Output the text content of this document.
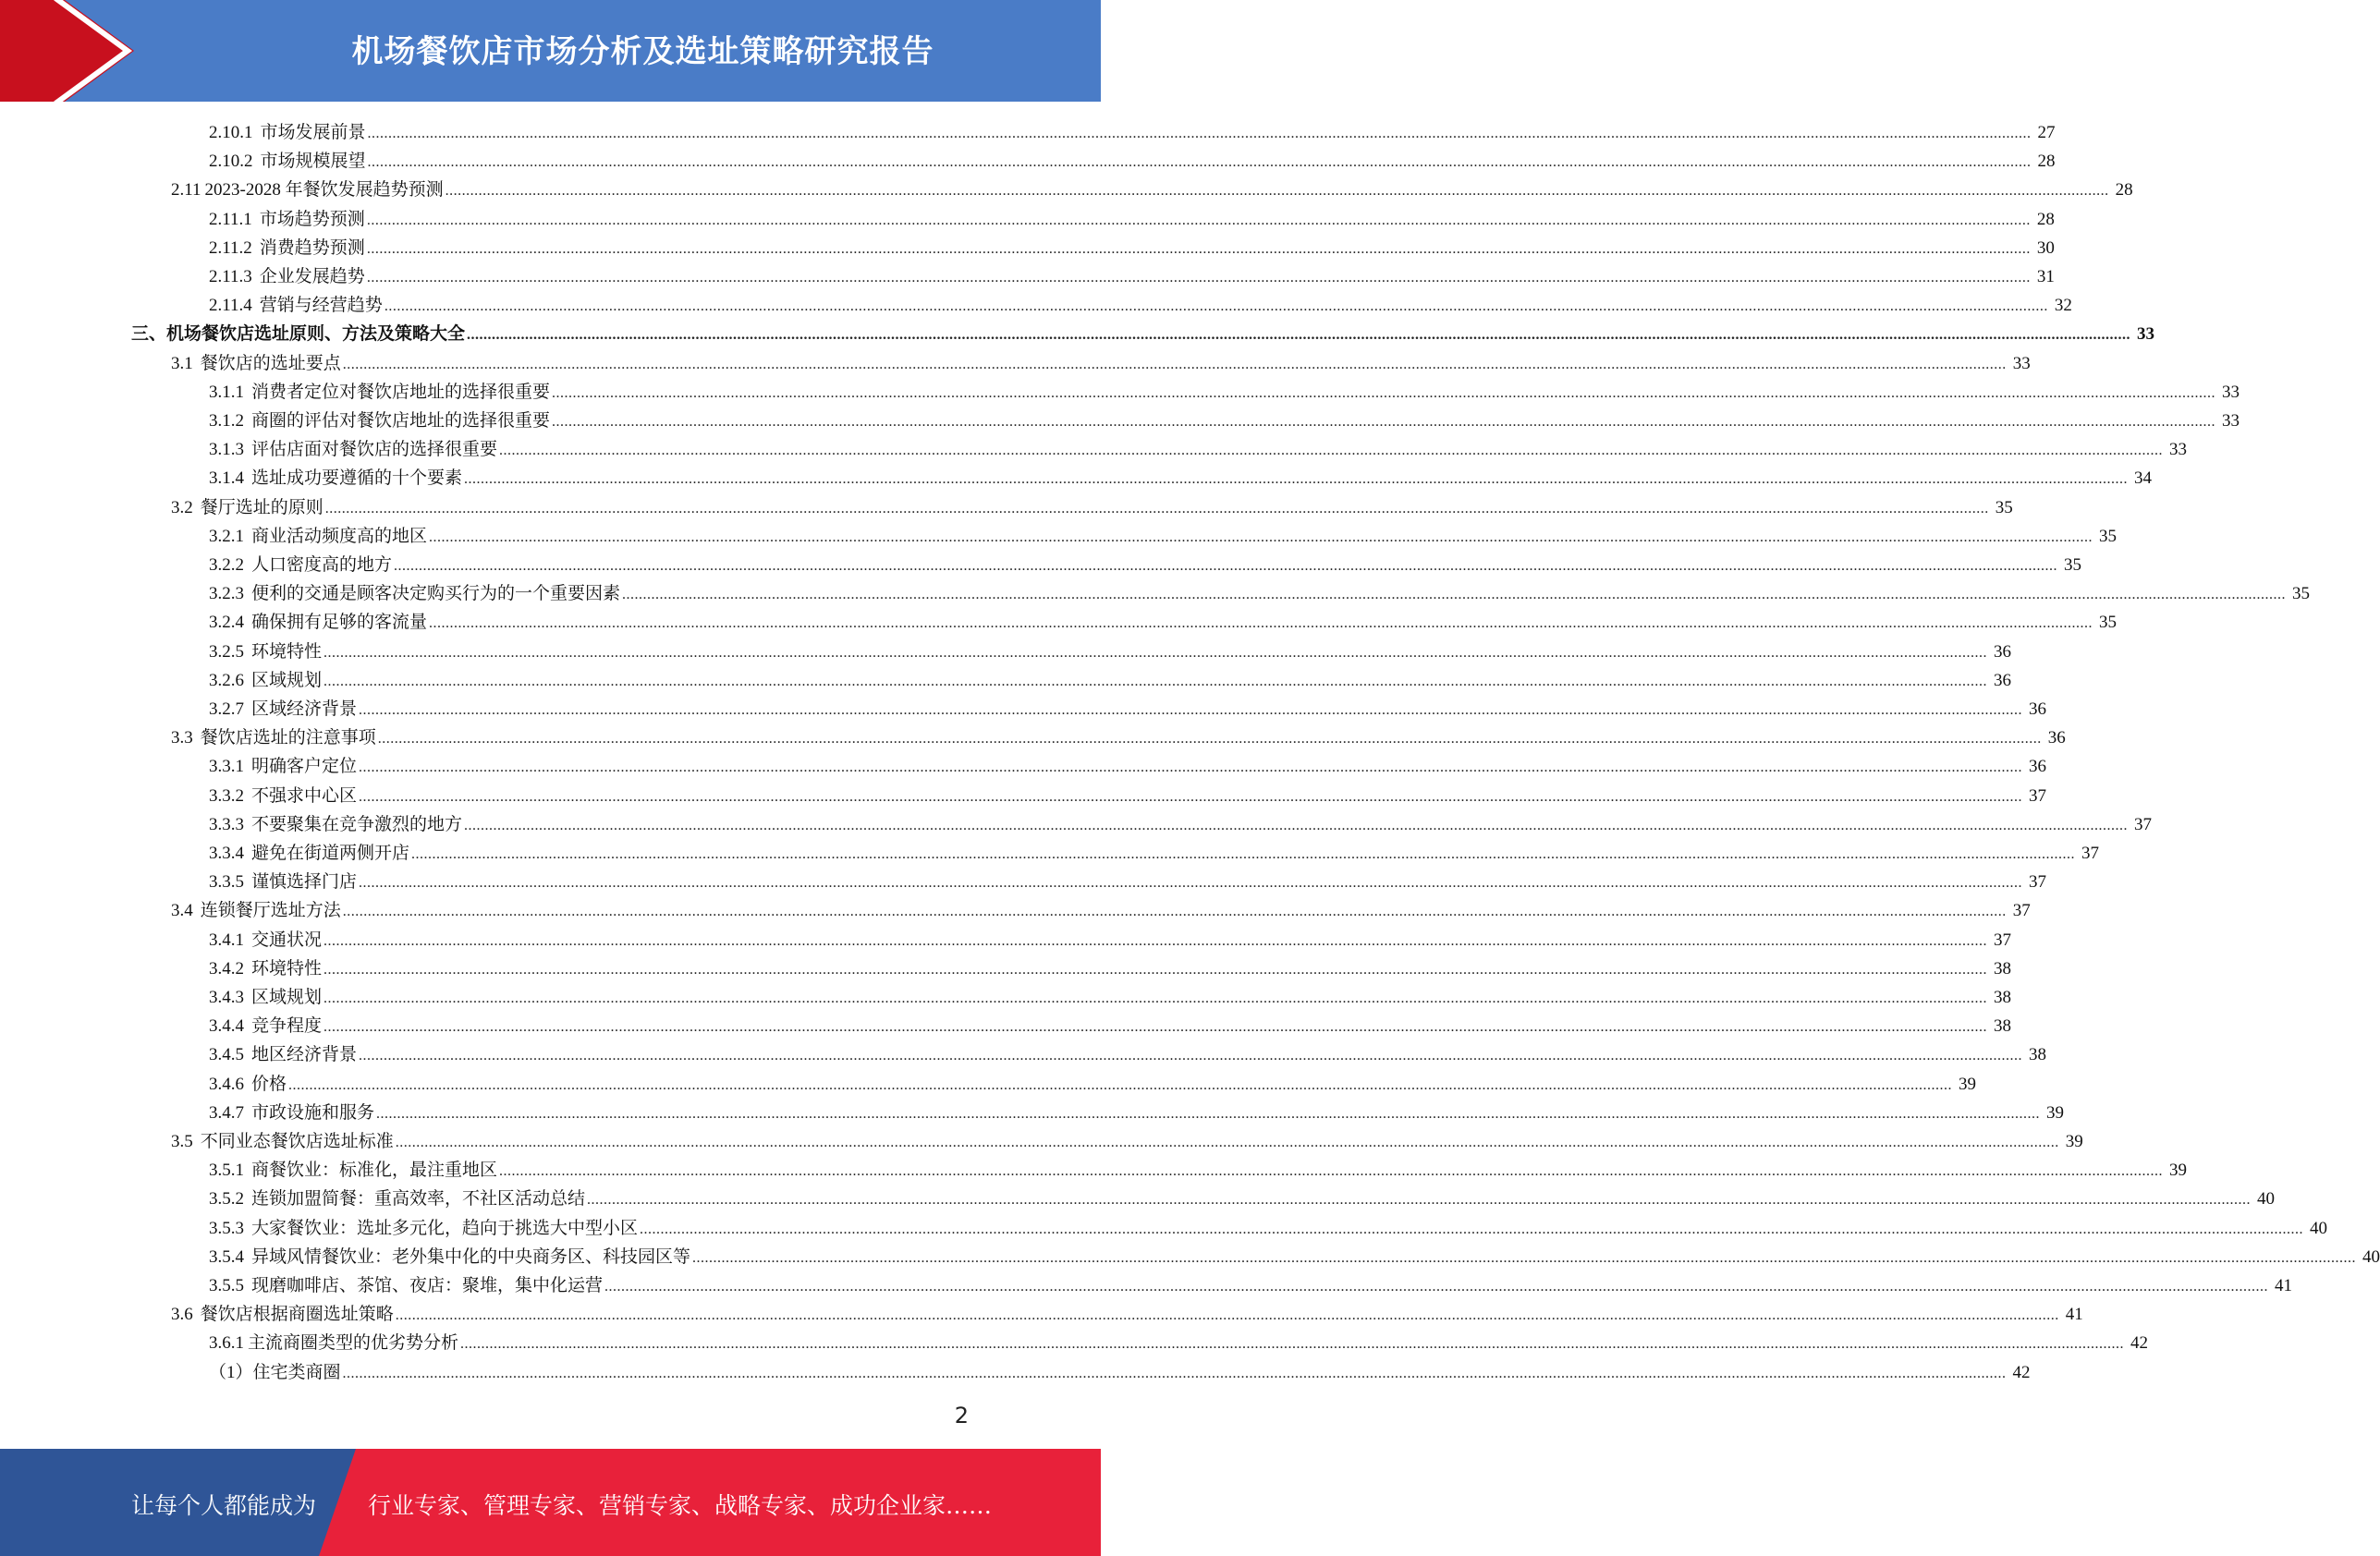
机场餐饮店市场分析及选址策略研究报告
2.10.1 市场发展前景 ................................................................................................................................................................................................................................................................................................................................................................................................................ 27
2.10.2 市场规模展望 ................................................................................................................................................................................................................................................................................................................................................................................................................ 28
2.11 2023-2028 年餐饮发展趋势预测 ................................................................................................................................................................................................................................................................................................................................................................................................................ 28
2.11.1 市场趋势预测 ................................................................................................................................................................................................................................................................................................................................................................................................................ 28
2.11.2 消费趋势预测 ................................................................................................................................................................................................................................................................................................................................................................................................................ 30
2.11.3 企业发展趋势 ................................................................................................................................................................................................................................................................................................................................................................................................................ 31
2.11.4 营销与经营趋势 ................................................................................................................................................................................................................................................................................................................................................................................................................ 32
三、机场餐饮店选址原则、方法及策略大全 ................................................................................................................................................................................................................................................................................................................................................................................................................ 33
3.1 餐饮店的选址要点 ................................................................................................................................................................................................................................................................................................................................................................................................................ 33
3.1.1 消费者定位对餐饮店地址的选择很重要 ................................................................................................................................................................................................................................................................................................................................................................................................................ 33
3.1.2 商圈的评估对餐饮店地址的选择很重要 ................................................................................................................................................................................................................................................................................................................................................................................................................ 33
3.1.3 评估店面对餐饮店的选择很重要 ................................................................................................................................................................................................................................................................................................................................................................................................................ 33
3.1.4 选址成功要遵循的十个要素 ................................................................................................................................................................................................................................................................................................................................................................................................................ 34
3.2 餐厅选址的原则 ................................................................................................................................................................................................................................................................................................................................................................................................................ 35
3.2.1 商业活动频度高的地区 ................................................................................................................................................................................................................................................................................................................................................................................................................ 35
3.2.2 人口密度高的地方 ................................................................................................................................................................................................................................................................................................................................................................................................................ 35
3.2.3 便利的交通是顾客决定购买行为的一个重要因素 ................................................................................................................................................................................................................................................................................................................................................................................................................ 35
3.2.4 确保拥有足够的客流量 ................................................................................................................................................................................................................................................................................................................................................................................................................ 35
3.2.5 环境特性 ................................................................................................................................................................................................................................................................................................................................................................................................................ 36
3.2.6 区域规划 ................................................................................................................................................................................................................................................................................................................................................................................................................ 36
3.2.7 区域经济背景 ................................................................................................................................................................................................................................................................................................................................................................................................................ 36
3.3 餐饮店选址的注意事项 ................................................................................................................................................................................................................................................................................................................................................................................................................ 36
3.3.1 明确客户定位 ................................................................................................................................................................................................................................................................................................................................................................................................................ 36
3.3.2 不强求中心区 ................................................................................................................................................................................................................................................................................................................................................................................................................ 37
3.3.3 不要聚集在竞争激烈的地方 ................................................................................................................................................................................................................................................................................................................................................................................................................ 37
3.3.4 避免在街道两侧开店 ................................................................................................................................................................................................................................................................................................................................................................................................................ 37
3.3.5 谨慎选择门店 ................................................................................................................................................................................................................................................................................................................................................................................................................ 37
3.4 连锁餐厅选址方法 ................................................................................................................................................................................................................................................................................................................................................................................................................ 37
3.4.1 交通状况 ................................................................................................................................................................................................................................................................................................................................................................................................................ 37
3.4.2 环境特性 ................................................................................................................................................................................................................................................................................................................................................................................................................ 38
3.4.3 区域规划 ................................................................................................................................................................................................................................................................................................................................................................................................................ 38
3.4.4 竞争程度 ................................................................................................................................................................................................................................................................................................................................................................................................................ 38
3.4.5 地区经济背景 ................................................................................................................................................................................................................................................................................................................................................................................................................ 38
3.4.6 价格 ................................................................................................................................................................................................................................................................................................................................................................................................................ 39
3.4.7 市政设施和服务 ................................................................................................................................................................................................................................................................................................................................................................................................................ 39
3.5 不同业态餐饮店选址标准 ................................................................................................................................................................................................................................................................................................................................................................................................................ 39
3.5.1 商餐饮业：标准化，最注重地区 ................................................................................................................................................................................................................................................................................................................................................................................................................ 39
3.5.2 连锁加盟简餐：重高效率，不社区活动总结 ................................................................................................................................................................................................................................................................................................................................................................................................................ 40
3.5.3 大家餐饮业：选址多元化，趋向于挑选大中型小区 ................................................................................................................................................................................................................................................................................................................................................................................................................ 40
3.5.4 异域风情餐饮业：老外集中化的中央商务区、科技园区等 ................................................................................................................................................................................................................................................................................................................................................................................................................ 40
3.5.5 现磨咖啡店、茶馆、夜店：聚堆，集中化运营 ................................................................................................................................................................................................................................................................................................................................................................................................................ 41
3.6 餐饮店根据商圈选址策略 ................................................................................................................................................................................................................................................................................................................................................................................................................ 41
3.6.1 主流商圈类型的优劣势分析 ................................................................................................................................................................................................................................................................................................................................................................................................................ 42
（1）住宅类商圈 ................................................................................................................................................................................................................................................................................................................................................................................................................ 42
2
让每个人都能成为 行业专家、管理专家、营销专家、战略专家、成功企业家……
